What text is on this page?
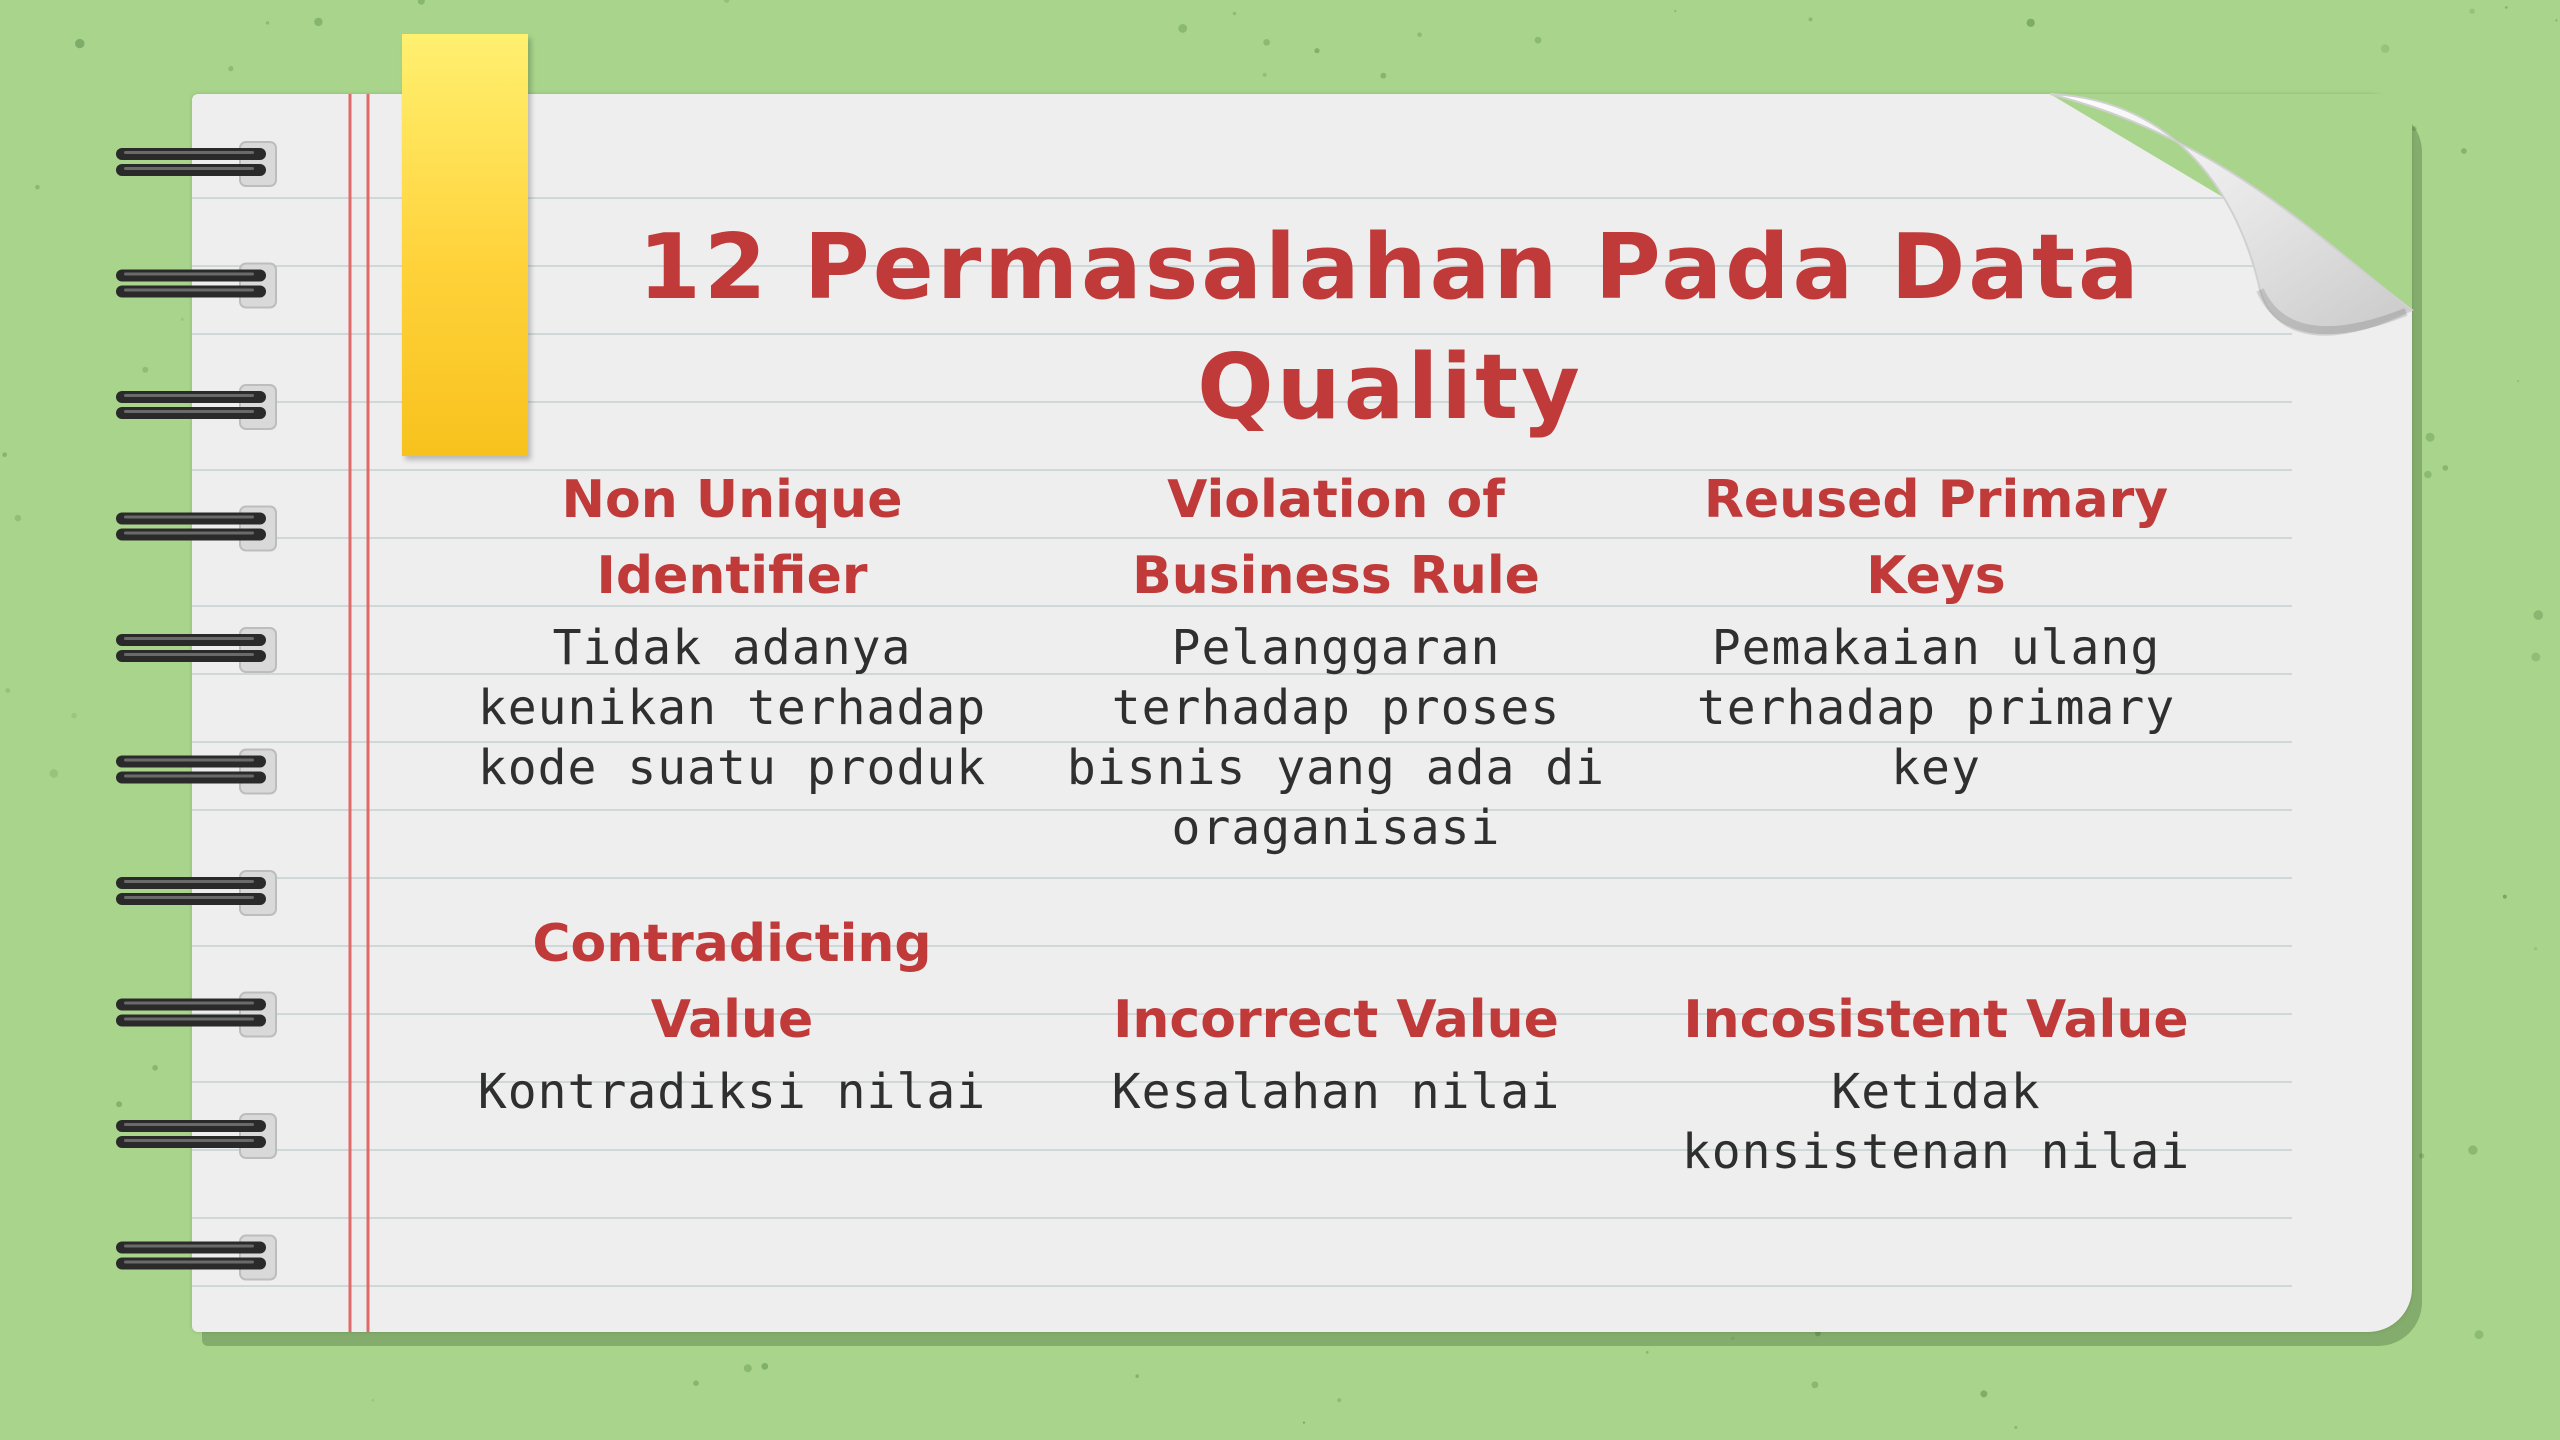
12 Permasalahan Pada Data Quality
Non Unique Identifier

Tidak adanya keunikan terhadap kode suatu produk

Violation of Business Rule

Pelanggaran terhadap proses bisnis yang ada di oraganisasi

Reused Primary Keys

Pemakaian ulang terhadap primary key

Contradicting Value

Kontradiksi nilai

Incorrect Value

Kesalahan nilai

Incosistent Value

Ketidak konsistenan nilai
